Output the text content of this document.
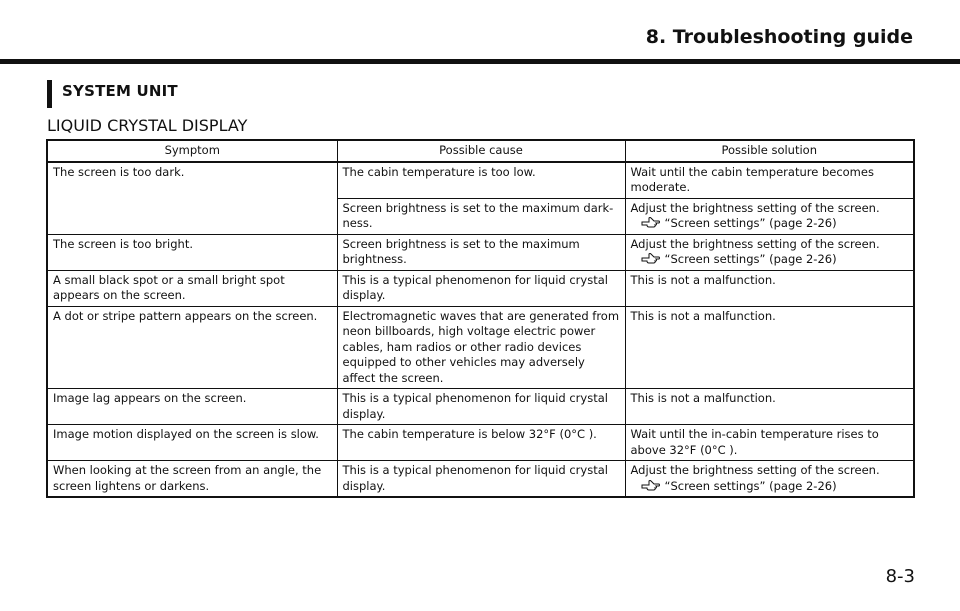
8. Troubleshooting guide
SYSTEM UNIT
LIQUID CRYSTAL DISPLAY
Symptom	Possible cause	Possible solution
The screen is too dark.	The cabin temperature is too low.	Wait until the cabin temperature becomes
moderate.

	Screen brightness is set to the maximum dark-ness.	Adjust the brightness setting of the screen.
“Screen settings” (page 2-26)

The screen is too bright.	Screen brightness is set to the maximum brightness.	Adjust the brightness setting of the screen.
“Screen settings” (page 2-26)

A small black spot or a small bright spot appears on the screen.	This is a typical phenomenon for liquid crystal display.	This is not a malfunction.
A dot or stripe pattern appears on the screen.	Electromagnetic waves that are generated from neon billboards, high voltage electric power cables, ham radios or other radio devices equipped to other vehicles may adversely affect the screen.	This is not a malfunction.
Image lag appears on the screen.	This is a typical phenomenon for liquid crystal display.	This is not a malfunction.
Image motion displayed on the screen is slow.	The cabin temperature is below 32°F (0°C ).	Wait until the in-cabin temperature rises to
above 32°F (0°C ).

When looking at the screen from an angle, the screen lightens or darkens.	This is a typical phenomenon for liquid crystal display.	Adjust the brightness setting of the screen.
“Screen settings” (page 2-26)
8-3
